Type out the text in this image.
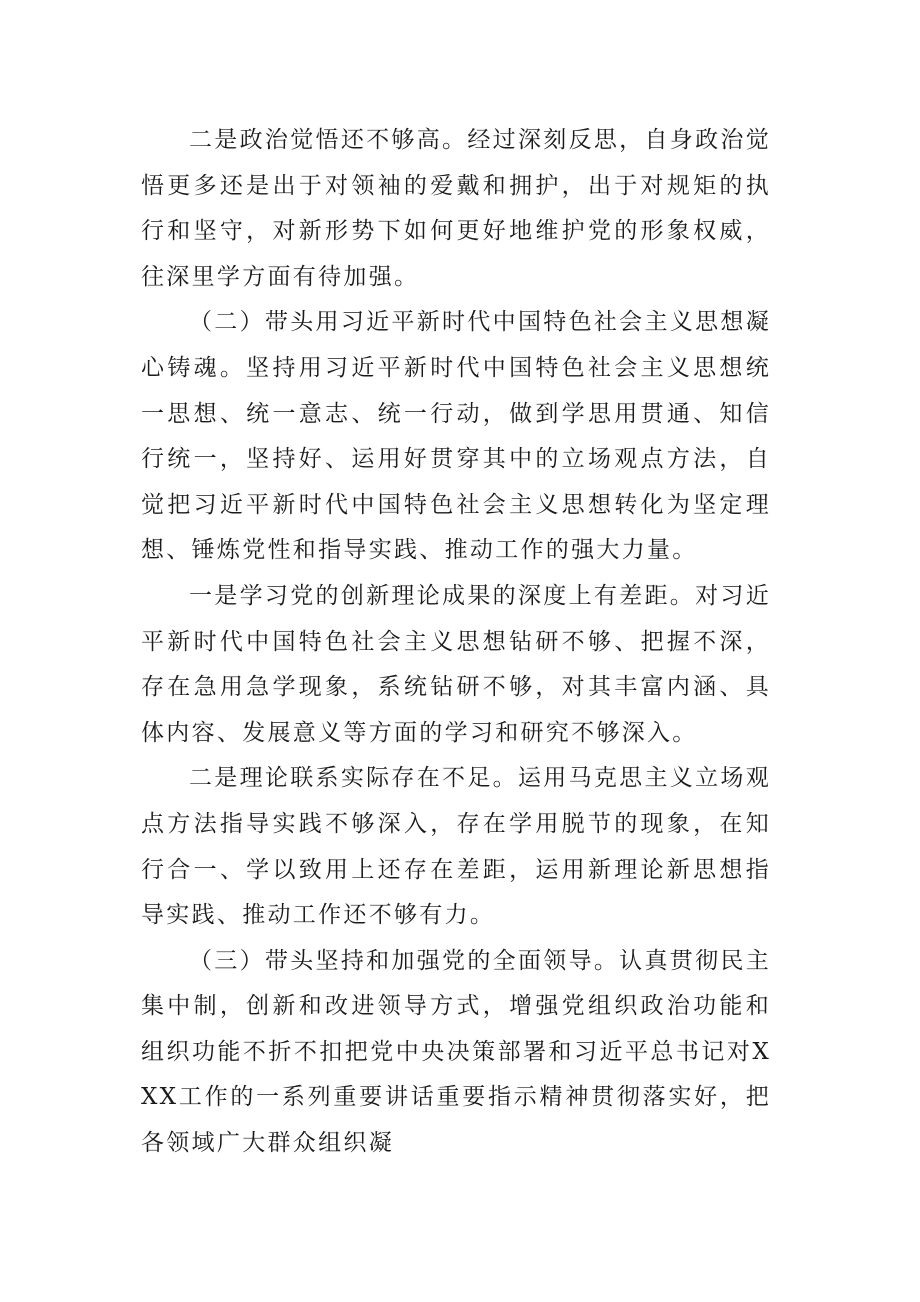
二是政治觉悟还不够高。经过深刻反思，自身政治觉悟更多还是出于对领袖的爱戴和拥护，出于对规矩的执行和坚守，对新形势下如何更好地维护党的形象权威，往深里学方面有待加强。

（二）带头用习近平新时代中国特色社会主义思想凝心铸魂。坚持用习近平新时代中国特色社会主义思想统一思想、统一意志、统一行动，做到学思用贯通、知信行统一，坚持好、运用好贯穿其中的立场观点方法，自觉把习近平新时代中国特色社会主义思想转化为坚定理想、锤炼党性和指导实践、推动工作的强大力量。

一是学习党的创新理论成果的深度上有差距。对习近平新时代中国特色社会主义思想钻研不够、把握不深，存在急用急学现象，系统钻研不够，对其丰富内涵、具体内容、发展意义等方面的学习和研究不够深入。

二是理论联系实际存在不足。运用马克思主义立场观点方法指导实践不够深入，存在学用脱节的现象，在知行合一、学以致用上还存在差距，运用新理论新思想指导实践、推动工作还不够有力。

（三）带头坚持和加强党的全面领导。认真贯彻民主集中制，创新和改进领导方式，增强党组织政治功能和组织功能不折不扣把党中央决策部署和习近平总书记对XXX工作的一系列重要讲话重要指示精神贯彻落实好，把各领域广大群众组织凝
